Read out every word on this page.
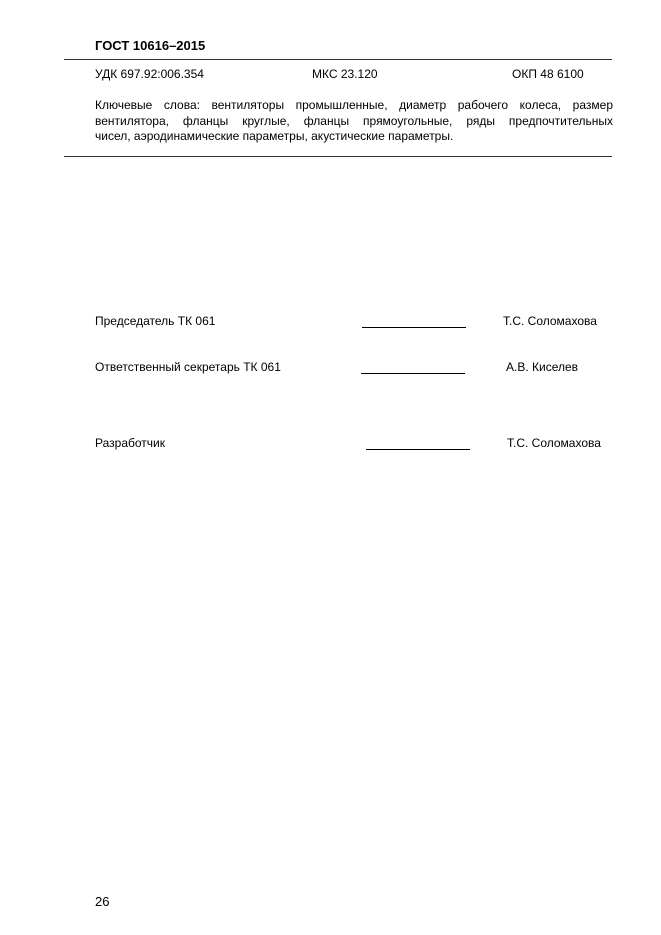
ГОСТ 10616–2015
УДК 697.92:006.354	МКС 23.120	ОКП 48 6100
Ключевые слова: вентиляторы промышленные, диаметр рабочего колеса, размер
вентилятора, фланцы круглые, фланцы прямоугольные, ряды предпочтительных
чисел, аэродинамические параметры, акустические параметры.
Председатель ТК 061	Т.С. Соломахова
Ответственный секретарь ТК 061	А.В. Киселев
Разработчик	Т.С. Соломахова
26
